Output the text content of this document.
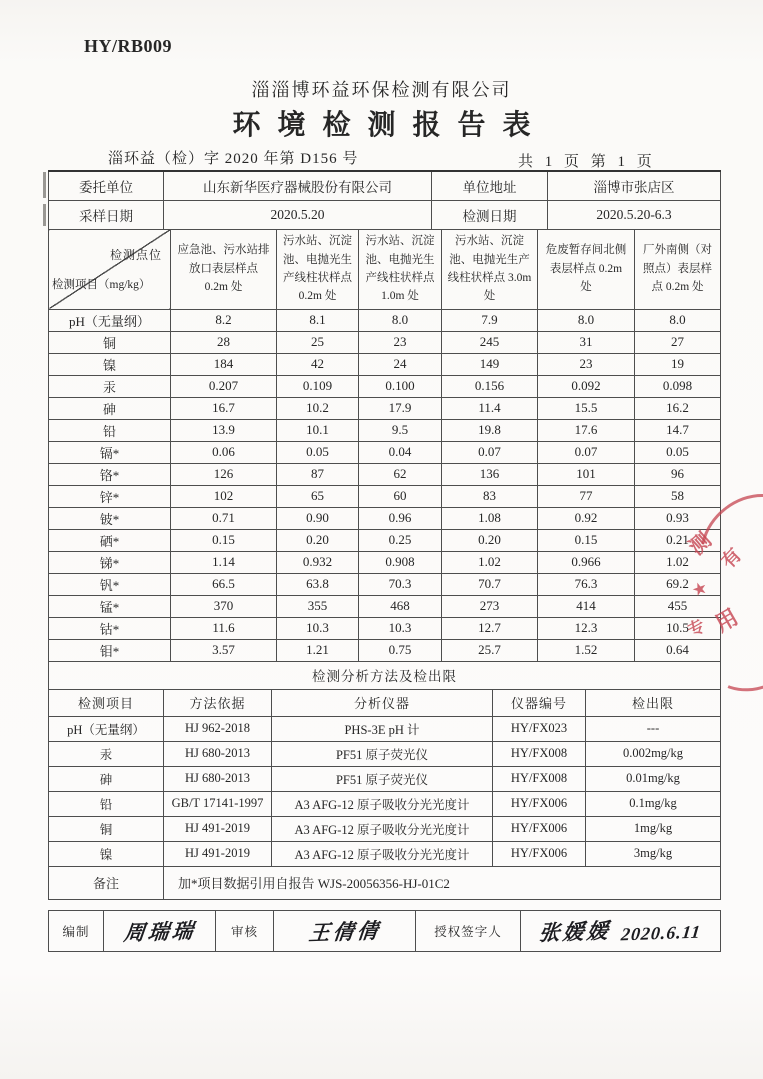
HY/RB009
淄淄博环益环保检测有限公司
环境检测报告表
淄环益（检）字 2020 年第 D156 号	共 1 页 第 1 页
委托单位	山东新华医疗器械股份有限公司	单位地址	淄博市张店区
采样日期	2020.5.20	检测日期	2020.5.20-6.3
检测点位
检测项目（mg/kg）	应急池、污水站排放口表层样点 0.2m 处	污水站、沉淀池、电抛光生产线柱状样点 0.2m 处	污水站、沉淀池、电抛光生产线柱状样点 1.0m 处	污水站、沉淀池、电抛光生产线柱状样点 3.0m 处	危废暂存间北侧表层样点 0.2m 处	厂外南侧（对照点）表层样点 0.2m 处
pH（无量纲）	8.2	8.1	8.0	7.9	8.0	8.0
铜	28	25	23	245	31	27
镍	184	42	24	149	23	19
汞	0.207	0.109	0.100	0.156	0.092	0.098
砷	16.7	10.2	17.9	11.4	15.5	16.2
铅	13.9	10.1	9.5	19.8	17.6	14.7
镉*	0.06	0.05	0.04	0.07	0.07	0.05
铬*	126	87	62	136	101	96
锌*	102	65	60	83	77	58
铍*	0.71	0.90	0.96	1.08	0.92	0.93
硒*	0.15	0.20	0.25	0.20	0.15	0.21
锑*	1.14	0.932	0.908	1.02	0.966	1.02
钒*	66.5	63.8	70.3	70.7	76.3	69.2
锰*	370	355	468	273	414	455
钴*	11.6	10.3	10.3	12.7	12.3	10.5
钼*	3.57	1.21	0.75	25.7	1.52	0.64
检测分析方法及检出限				
检测项目	方法依据	分析仪器	仪器编号	检出限
pH（无量纲）	HJ 962-2018	PHS-3E pH 计	HY/FX023	---
汞	HJ 680-2013	PF51 原子荧光仪	HY/FX008	0.002mg/kg
砷	HJ 680-2013	PF51 原子荧光仪	HY/FX008	0.01mg/kg
铅	GB/T 17141-1997	A3 AFG-12 原子吸收分光光度计	HY/FX006	0.1mg/kg
铜	HJ 491-2019	A3 AFG-12 原子吸收分光光度计	HY/FX006	1mg/kg
镍	HJ 491-2019	A3 AFG-12 原子吸收分光光度计	HY/FX006	3mg/kg
备注	加*项目数据引用自报告 WJS-20056356-HJ-01C2			
编制	周瑞瑞	审核	王倩倩	授权签字人	张媛媛 2020.6.11
测 有
★
专 用
